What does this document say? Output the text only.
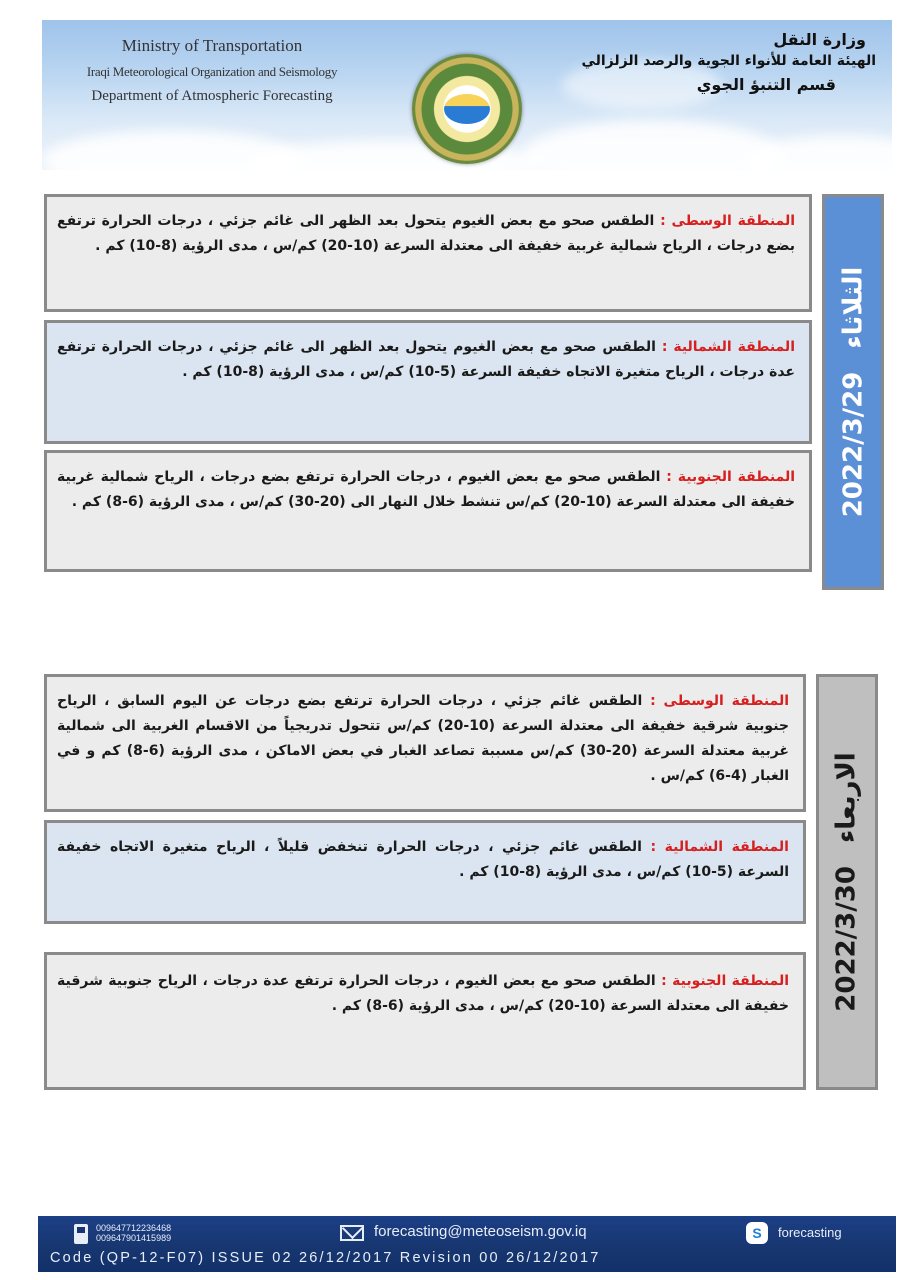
Ministry of Transportation
Iraqi Meteorological Organization and Seismology
Department of Atmospheric Forecasting
وزارة النقل
الهيئة العامة للأنواء الجوية والرصد الزلزالي
قسم التنبؤ الجوي
المنطقة الوسطى : الطقس صحو مع بعض الغيوم يتحول بعد الظهر الى غائم جزئي ، درجات الحرارة ترتفع بضع درجات ، الرياح شمالية غربية خفيفة الى معتدلة السرعة (10-20) كم/س ، مدى الرؤية (8-10) كم .
المنطقة الشمالية : الطقس صحو مع بعض الغيوم يتحول بعد الظهر الى غائم جزئي ، درجات الحرارة ترتفع عدة درجات ، الرياح متغيرة الاتجاه خفيفة السرعة (5-10) كم/س ، مدى الرؤية (8-10) كم .
المنطقة الجنوبية : الطقس صحو مع بعض الغيوم ، درجات الحرارة ترتفع بضع درجات ، الرياح شمالية غربية خفيفة الى معتدلة السرعة (10-20) كم/س تنشط خلال النهار الى (20-30) كم/س ، مدى الرؤية (6-8) كم .	2022/3/29 الثلاثاء
المنطقة الوسطى : الطقس غائم جزئي ، درجات الحرارة ترتفع بضع درجات عن اليوم السابق ، الرياح جنوبية شرقية خفيفة الى معتدلة السرعة (10-20) كم/س تتحول تدريجياً من الاقسام الغربية الى شمالية غربية معتدلة السرعة (20-30) كم/س مسببة تصاعد الغبار في بعض الاماكن ، مدى الرؤية (6-8) كم و في الغبار (4-6) كم/س .
المنطقة الشمالية : الطقس غائم جزئي ، درجات الحرارة تنخفض قليلاً ، الرياح متغيرة الاتجاه خفيفة السرعة (5-10) كم/س ، مدى الرؤية (8-10) كم .
المنطقة الجنوبية : الطقس صحو مع بعض الغيوم ، درجات الحرارة ترتفع عدة درجات ، الرياح جنوبية شرقية خفيفة الى معتدلة السرعة (10-20) كم/س ، مدى الرؤية (6-8) كم .	2022/3/30 الاربعاء
009647712236468
009647901415989	forecasting@meteoseism.gov.iq	S	forecasting
Code (QP-12-F07) ISSUE 02 26/12/2017 Revision 00 26/12/2017
